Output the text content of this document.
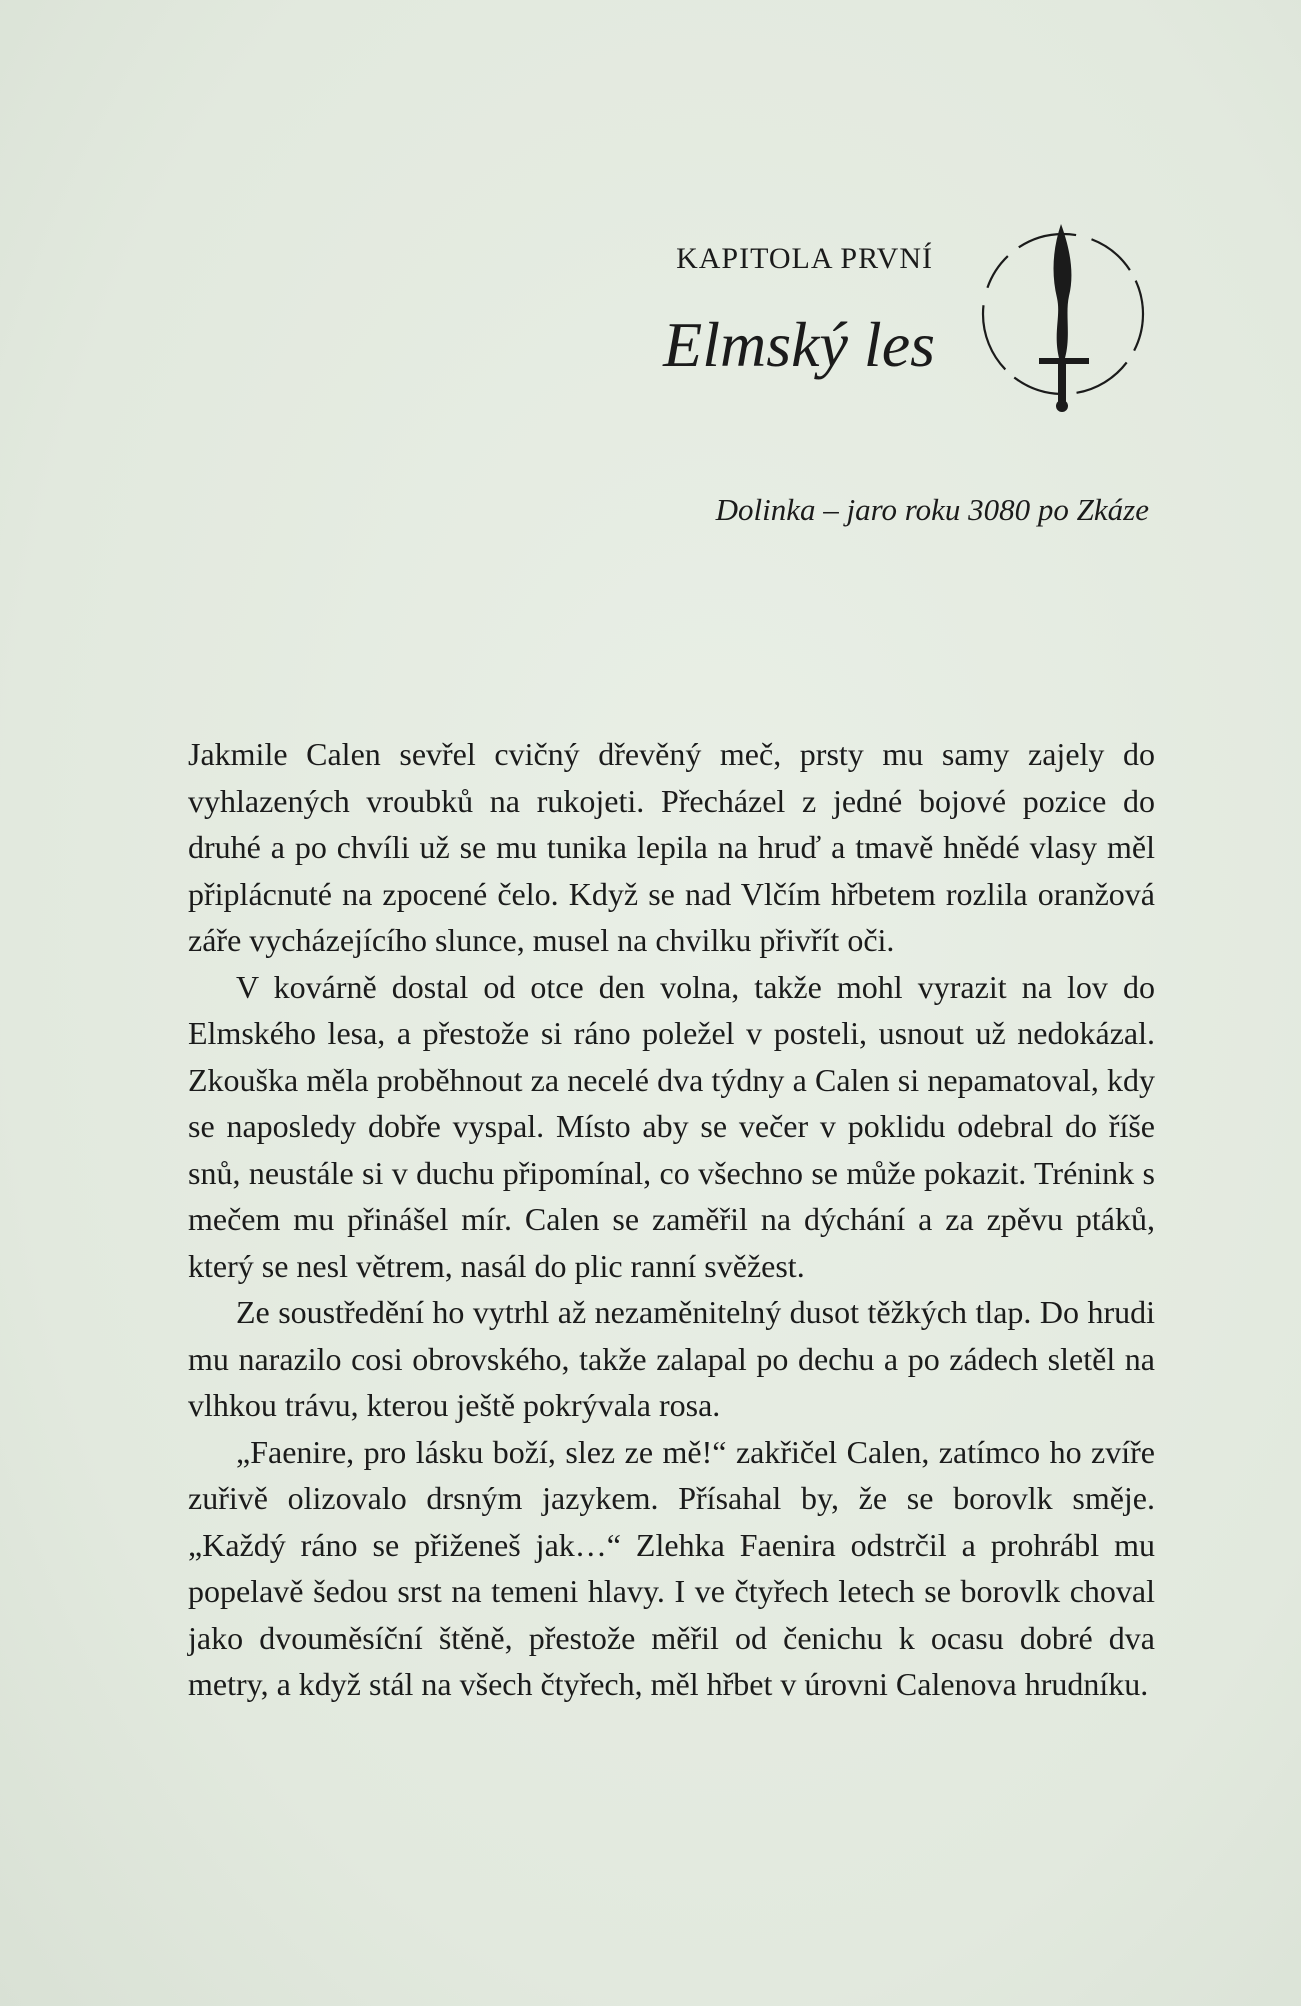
KAPITOLA PRVNÍ
Elmský les
Dolinka – jaro roku 3080 po Zkáze

Jakmile Calen sevřel cvičný dřevěný meč, prsty mu samy zajely do vyhlazených vroubků na rukojeti. Přecházel z jedné bojové pozice do druhé a po chvíli už se mu tunika lepila na hruď a tmavě hnědé vlasy měl připlácnuté na zpocené čelo. Když se nad Vlčím hřbetem rozlila oranžová záře vycházejícího slunce, musel na chvilku přivřít oči.

V kovárně dostal od otce den volna, takže mohl vyrazit na lov do Elmského lesa, a přestože si ráno poležel v posteli, usnout už nedokázal. Zkouška měla proběhnout za necelé dva týdny a Calen si nepamatoval, kdy se naposledy dobře vyspal. Místo aby se večer v poklidu odebral do říše snů, neustále si v duchu připomínal, co všechno se může pokazit. Trénink s mečem mu přinášel mír. Calen se zaměřil na dýchání a za zpěvu ptáků, který se nesl větrem, nasál do plic ranní svěžest.

Ze soustředění ho vytrhl až nezaměnitelný dusot těžkých tlap. Do hrudi mu narazilo cosi obrovského, takže zalapal po dechu a po zádech sletěl na vlhkou trávu, kterou ještě pokrývala rosa.

„Faenire, pro lásku boží, slez ze mě!“ zakřičel Calen, zatímco ho zvíře zuřivě olizovalo drsným jazykem. Přísahal by, že se borovlk směje. „Každý ráno se přiženeš jak…“ Zlehka Faenira odstrčil a prohrábl mu popelavě šedou srst na temeni hlavy. I ve čtyřech letech se borovlk choval jako dvouměsíční štěně, přestože měřil od čenichu k ocasu dobré dva metry, a když stál na všech čtyřech, měl hřbet v úrovni Calenova hrudníku.
